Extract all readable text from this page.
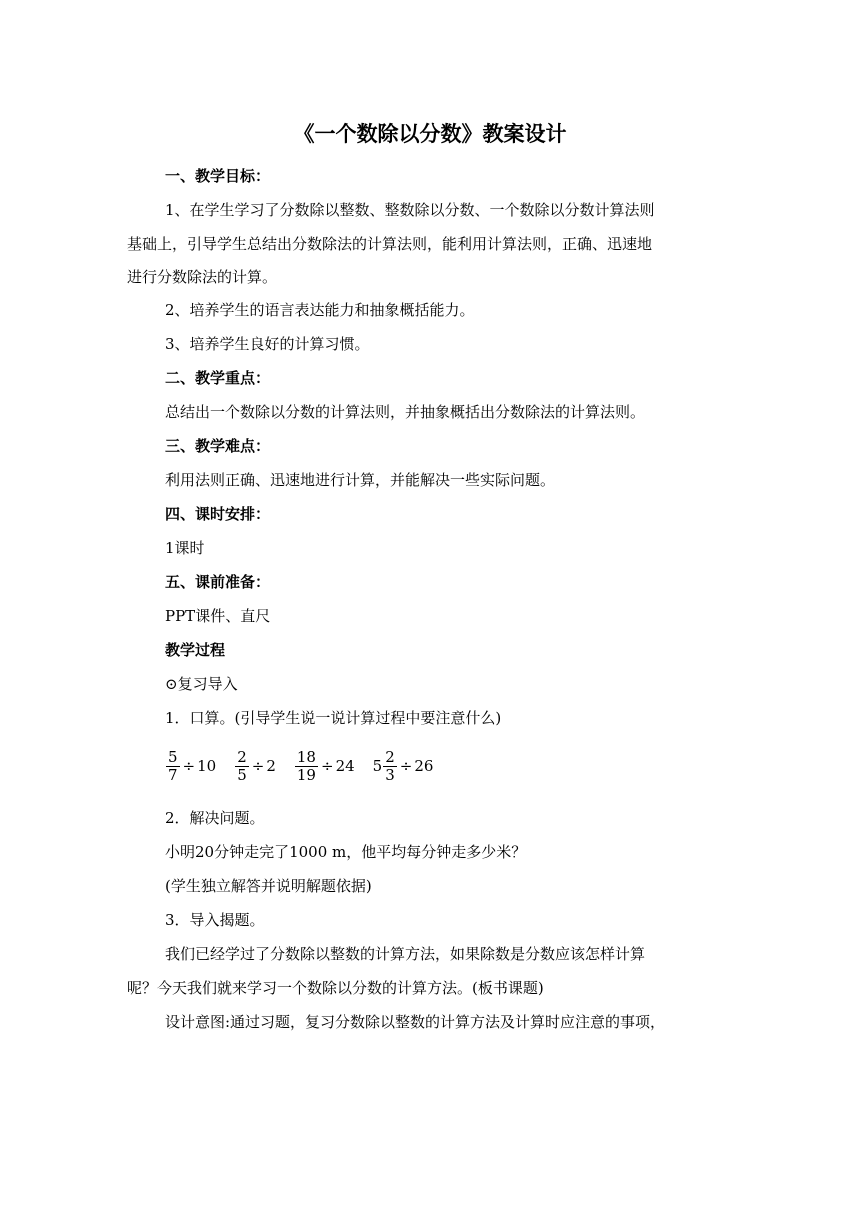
《一个数除以分数》教案设计
一、教学目标：
1、在学生学习了分数除以整数、整数除以分数、一个数除以分数计算法则
基础上，引导学生总结出分数除法的计算法则，能利用计算法则，正确、迅速地
进行分数除法的计算。
2、培养学生的语言表达能力和抽象概括能力。
3、培养学生良好的计算习惯。
二、教学重点：
总结出一个数除以分数的计算法则，并抽象概括出分数除法的计算法则。
三、教学难点：
利用法则正确、迅速地进行计算，并能解决一些实际问题。
四、课时安排：
1课时
五、课前准备：
PPT课件、直尺
教学过程
⊙复习导入
1．口算。(引导学生说一说计算过程中要注意什么)
$\frac{5}{7} \div 10 \frac{2}{5} \div 2 \frac{18}{19} \div 24$ $5 \frac{2}{3} \div 26$
2．解决问题。
小明20分钟走完了1000 m，他平均每分钟走多少米？
(学生独立解答并说明解题依据)
3．导入揭题。
我们已经学过了分数除以整数的计算方法，如果除数是分数应该怎样计算
呢？今天我们就来学习一个数除以分数的计算方法。(板书课题)
设计意图:通过习题，复习分数除以整数的计算方法及计算时应注意的事项，
